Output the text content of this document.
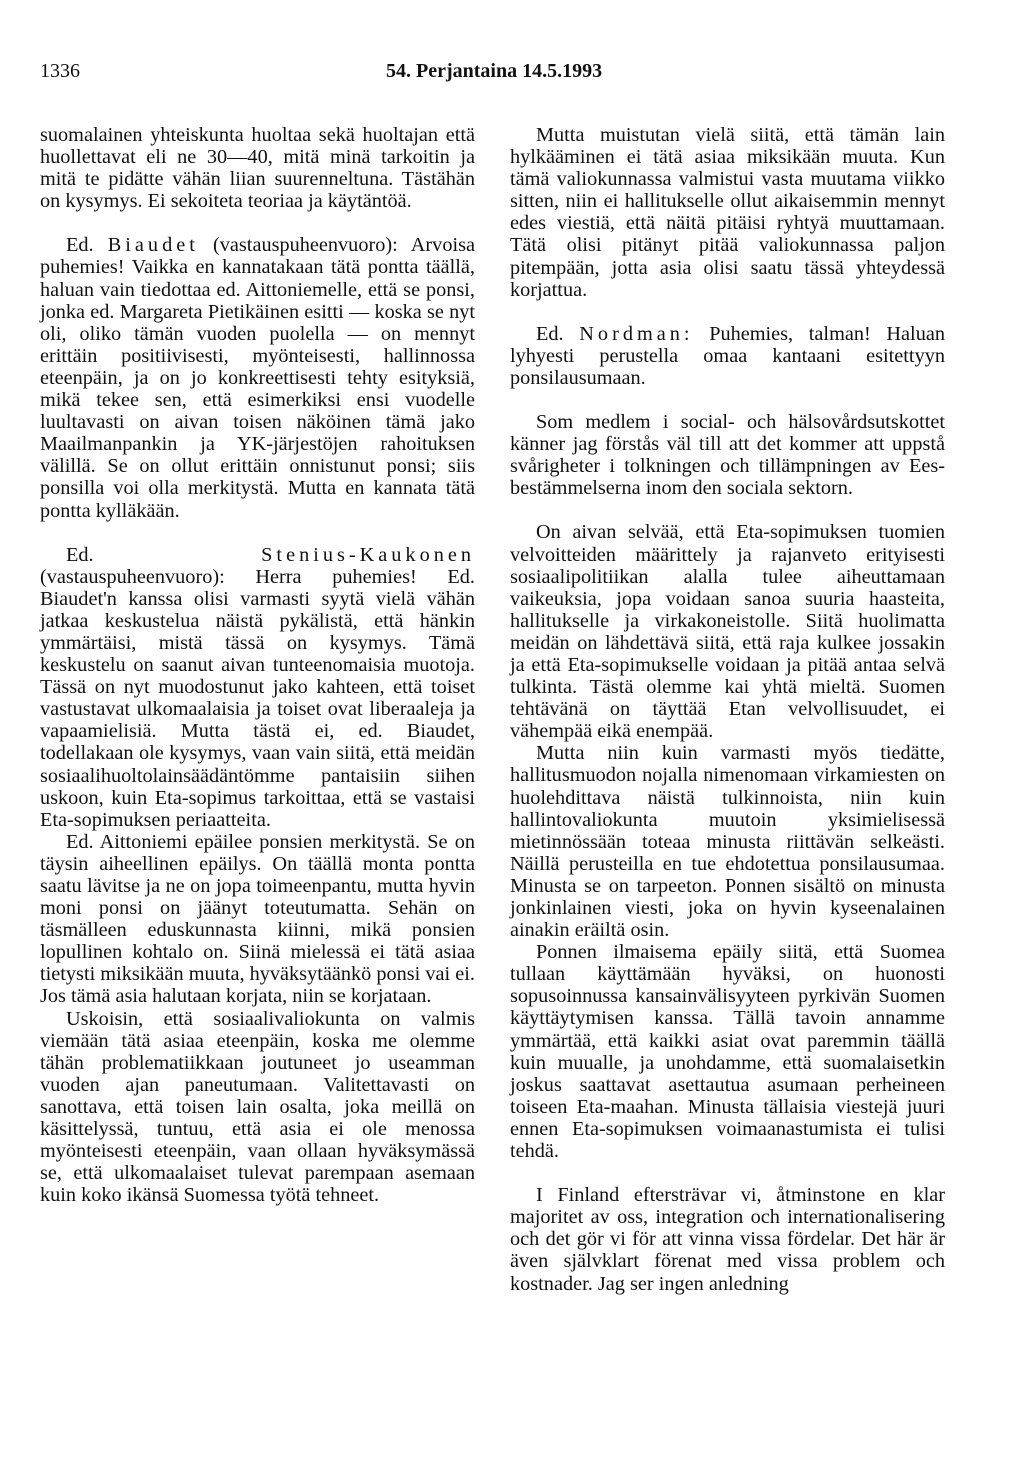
1336	54. Perjantaina 14.5.1993

suomalainen yhteiskunta huoltaa sekä huoltajan että huollettavat eli ne 30—40, mitä minä tarkoitin ja mitä te pidätte vähän liian suurenneltuna. Tästähän on kysymys. Ei sekoiteta teoriaa ja käytäntöä.

Ed. Biaudet (vastauspuheenvuoro): Arvoisa puhemies! Vaikka en kannatakaan tätä pontta täällä, haluan vain tiedottaa ed. Aittoniemelle, että se ponsi, jonka ed. Margareta Pietikäinen esitti — koska se nyt oli, oliko tämän vuoden puolella — on mennyt erittäin positiivisesti, myönteisesti, hallinnossa eteenpäin, ja on jo konkreettisesti tehty esityksiä, mikä tekee sen, että esimerkiksi ensi vuodelle luultavasti on aivan toisen näköinen tämä jako Maailmanpankin ja YK-järjestöjen rahoituksen välillä. Se on ollut erittäin onnistunut ponsi; siis ponsilla voi olla merkitystä. Mutta en kannata tätä pontta kylläkään.

Ed.	Stenius-Kaukonen (vastauspuheenvuoro): Herra puhemies! Ed. Biaudet'n kanssa olisi varmasti syytä vielä vähän jatkaa keskustelua näistä pykälistä, että hänkin ymmärtäisi, mistä tässä on kysymys. Tämä keskustelu on saanut aivan tunteenomaisia muotoja. Tässä on nyt muodostunut jako kahteen, että toiset vastustavat ulkomaalaisia ja toiset ovat liberaaleja ja vapaamielisiä. Mutta tästä ei, ed. Biaudet, todellakaan ole kysymys, vaan vain siitä, että meidän sosiaalihuoltolainsäädäntömme pantaisiin siihen uskoon, kuin Eta-sopimus tarkoittaa, että se vastaisi Eta-sopimuksen periaatteita.

Ed. Aittoniemi epäilee ponsien merkitystä. Se on täysin aiheellinen epäilys. On täällä monta pontta saatu lävitse ja ne on jopa toimeenpantu, mutta hyvin moni ponsi on jäänyt toteutumatta. Sehän on täsmälleen eduskunnasta kiinni, mikä ponsien lopullinen kohtalo on. Siinä mielessä ei tätä asiaa tietysti miksikään muuta, hyväksytäänkö ponsi vai ei. Jos tämä asia halutaan korjata, niin se korjataan.

Uskoisin, että sosiaalivaliokunta on valmis viemään tätä asiaa eteenpäin, koska me olemme tähän problematiikkaan joutuneet jo useamman vuoden ajan paneutumaan. Valitettavasti on sanottava, että toisen lain osalta, joka meillä on käsittelyssä, tuntuu, että asia ei ole menossa myönteisesti eteenpäin, vaan ollaan hyväksymässä se, että ulkomaalaiset tulevat parempaan asemaan kuin koko ikänsä Suomessa työtä tehneet.

Mutta muistutan vielä siitä, että tämän lain hylkääminen ei tätä asiaa miksikään muuta. Kun tämä valiokunnassa valmistui vasta muutama viikko sitten, niin ei hallitukselle ollut aikaisemmin mennyt edes viestiä, että näitä pitäisi ryhtyä muuttamaan. Tätä olisi pitänyt pitää valiokunnassa paljon pitempään, jotta asia olisi saatu tässä yhteydessä korjattua.

Ed. Nordman: Puhemies, talman! Haluan lyhyesti perustella omaa kantaani esitettyyn ponsilausumaan.

Som medlem i social- och hälsovårdsutskottet känner jag förstås väl till att det kommer att uppstå svårigheter i tolkningen och tillämpningen av Ees-bestämmelserna inom den sociala sektorn.

On aivan selvää, että Eta-sopimuksen tuomien velvoitteiden määrittely ja rajanveto erityisesti sosiaalipolitiikan alalla tulee aiheuttamaan vaikeuksia, jopa voidaan sanoa suuria haasteita, hallitukselle ja virkakoneistolle. Siitä huolimatta meidän on lähdettävä siitä, että raja kulkee jossakin ja että Eta-sopimukselle voidaan ja pitää antaa selvä tulkinta. Tästä olemme kai yhtä mieltä. Suomen tehtävänä on täyttää Etan velvollisuudet, ei vähempää eikä enempää.

Mutta niin kuin varmasti myös tiedätte, hallitusmuodon nojalla nimenomaan virkamiesten on huolehdittava näistä tulkinnoista, niin kuin hallintovaliokunta muutoin yksimielisessä mietinnössään toteaa minusta riittävän selkeästi. Näillä perusteilla en tue ehdotettua ponsilausumaa. Minusta se on tarpeeton. Ponnen sisältö on minusta jonkinlainen viesti, joka on hyvin kyseenalainen ainakin eräiltä osin.

Ponnen ilmaisema epäily siitä, että Suomea tullaan käyttämään hyväksi, on huonosti sopusoinnussa kansainvälisyyteen pyrkivän Suomen käyttäytymisen kanssa. Tällä tavoin annamme ymmärtää, että kaikki asiat ovat paremmin täällä kuin muualle, ja unohdamme, että suomalaisetkin joskus saattavat asettautua asumaan perheineen toiseen Eta-maahan. Minusta tällaisia viestejä juuri ennen Eta-sopimuksen voimaanastumista ei tulisi tehdä.

I Finland eftersträvar vi, åtminstone en klar majoritet av oss, integration och internationalisering och det gör vi för att vinna vissa fördelar. Det här är även självklart förenat med vissa problem och kostnader. Jag ser ingen anledning
